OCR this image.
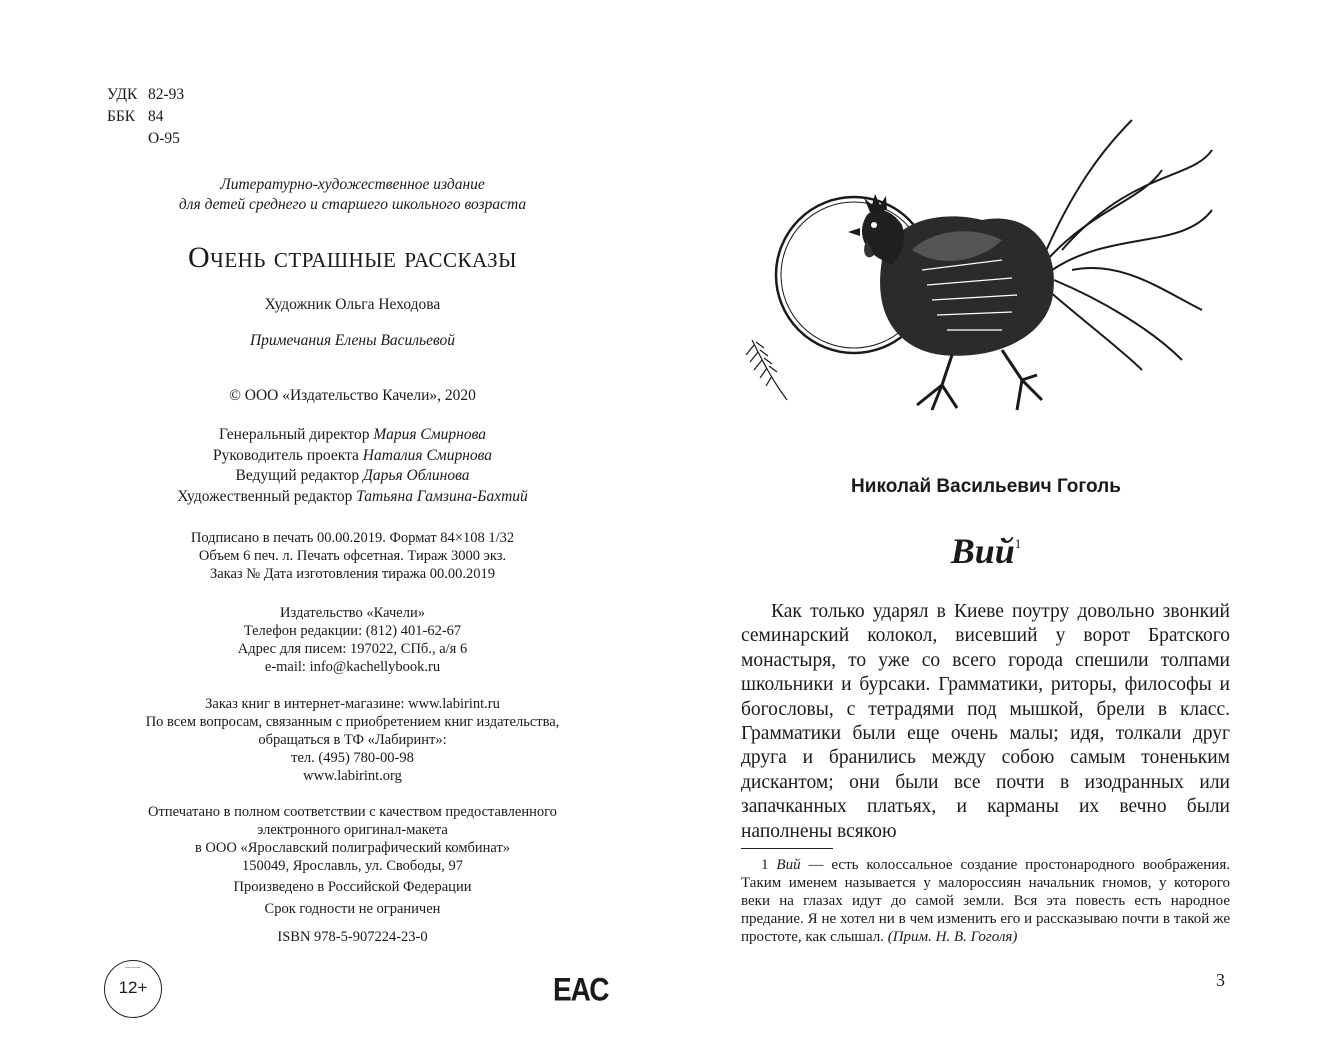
УДК 82-93
ББК 84
О-95
Литературно-художественное издание
для детей среднего и старшего школьного возраста
Очень страшные рассказы
Художник Ольга Неходова
Примечания Елены Васильевой
© ООО «Издательство Качели», 2020
Генеральный директор Мария Смирнова
Руководитель проекта Наталия Смирнова
Ведущий редактор Дарья Облинова
Художественный редактор Татьяна Гамзина-Бахтий
Подписано в печать 00.00.2019. Формат 84×108 1/32
Объем 6 печ. л. Печать офсетная. Тираж 3000 экз.
Заказ № Дата изготовления тиража 00.00.2019
Издательство «Качели»
Телефон редакции: (812) 401-62-67
Адрес для писем: 197022, СПб., а/я 6
e-mail: info@kachellybook.ru
Заказ книг в интернет-магазине: www.labirint.ru
По всем вопросам, связанным с приобретением книг издательства,
обращаться в ТФ «Лабиринт»:
тел. (495) 780-00-98
www.labirint.org
Отпечатано в полном соответствии с качеством предоставленного
электронного оригинал-макета
в ООО «Ярославский полиграфический комбинат»
150049, Ярославль, ул. Свободы, 97
Произведено в Российской Федерации
Срок годности не ограничен
ISBN 978-5-907224-23-0
———
12+	ЕАС
Николай Васильевич Гоголь
Вий$^1$

Как только ударял в Киеве поутру довольно звонкий семинарский колокол, висевший у ворот Братского монастыря, то уже со всего города спешили толпами школьники и бурсаки. Грамматики, риторы, философы и богословы, с тетрадями под мышкой, брели в класс. Грамматики были еще очень малы; идя, толкали друг друга и бранились между собою самым тоненьким дискантом; они были все почти в изодранных или запачканных платьях, и карманы их вечно были наполнены всякою

1 Вий — есть колоссальное создание простонародного воображения. Таким именем называется у малороссиян начальник гномов, у которого веки на глазах идут до самой земли. Вся эта повесть есть народное предание. Я не хотел ни в чем изменить его и рассказываю почти в такой же простоте, как слышал. (Прим. Н. В. Гоголя)

3
